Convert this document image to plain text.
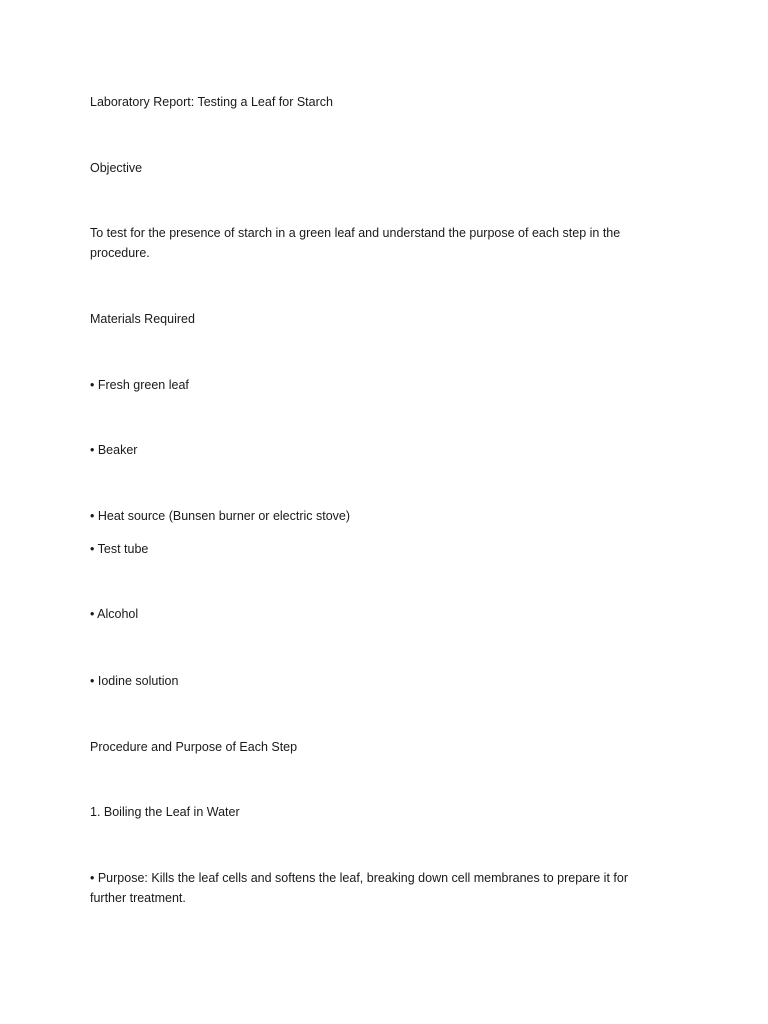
Laboratory Report: Testing a Leaf for Starch

Objective

To test for the presence of starch in a green leaf and understand the purpose of each step in the procedure.

Materials Required

• Fresh green leaf

• Beaker

• Heat source (Bunsen burner or electric stove)

• Test tube

• Alcohol

• Iodine solution

Procedure and Purpose of Each Step

1. Boiling the Leaf in Water

• Purpose: Kills the leaf cells and softens the leaf, breaking down cell membranes to prepare it for further treatment.
